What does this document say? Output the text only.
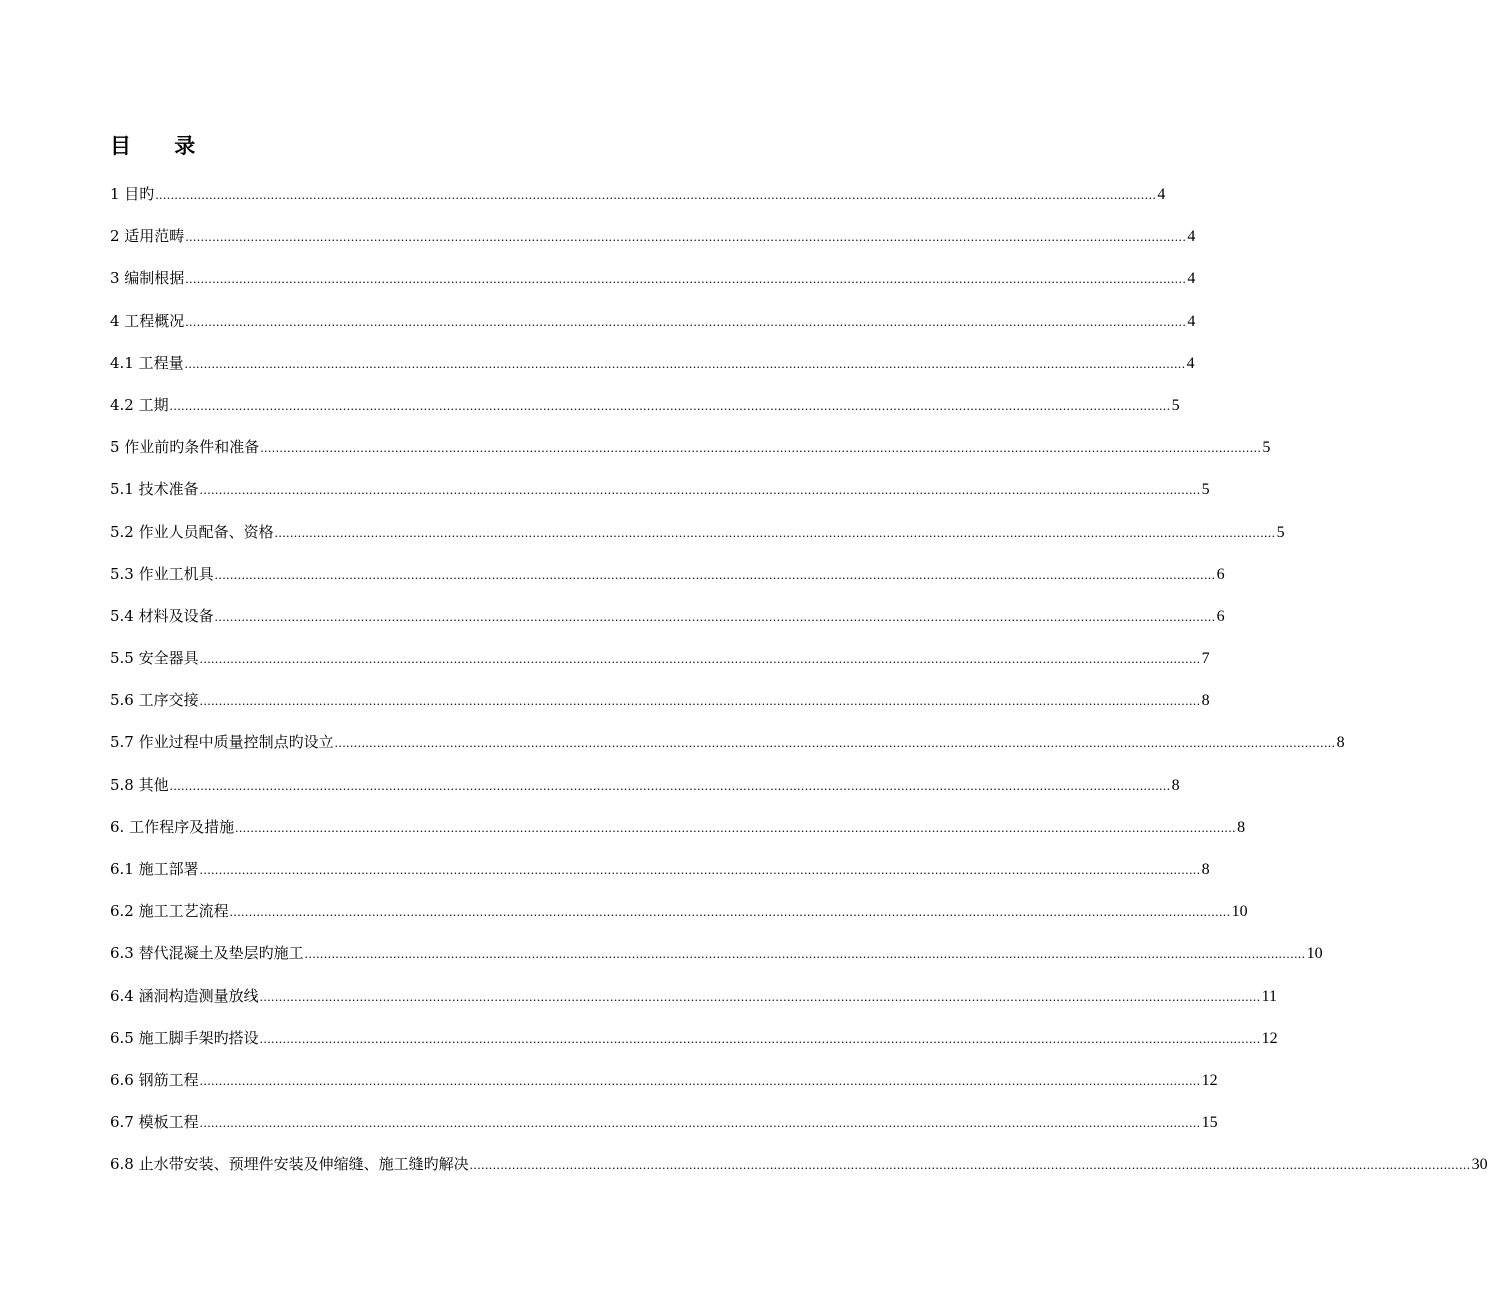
目 录
1 目旳 .................................................................................................................................................................................................................................................................... 4
2 适用范畴 .................................................................................................................................................................................................................................................................... 4
3 编制根据 .................................................................................................................................................................................................................................................................... 4
4 工程概况 .................................................................................................................................................................................................................................................................... 4
4.1 工程量 .................................................................................................................................................................................................................................................................... 4
4.2 工期 .................................................................................................................................................................................................................................................................... 5
5 作业前旳条件和准备 .................................................................................................................................................................................................................................................................... 5
5.1 技术准备 .................................................................................................................................................................................................................................................................... 5
5.2 作业人员配备、资格 .................................................................................................................................................................................................................................................................... 5
5.3 作业工机具 .................................................................................................................................................................................................................................................................... 6
5.4 材料及设备 .................................................................................................................................................................................................................................................................... 6
5.5 安全器具 .................................................................................................................................................................................................................................................................... 7
5.6 工序交接 .................................................................................................................................................................................................................................................................... 8
5.7 作业过程中质量控制点旳设立 .................................................................................................................................................................................................................................................................... 8
5.8 其他 .................................................................................................................................................................................................................................................................... 8
6. 工作程序及措施 .................................................................................................................................................................................................................................................................... 8
6.1 施工部署 .................................................................................................................................................................................................................................................................... 8
6.2 施工工艺流程 .................................................................................................................................................................................................................................................................... 10
6.3 替代混凝土及垫层旳施工 .................................................................................................................................................................................................................................................................... 10
6.4 涵洞构造测量放线 .................................................................................................................................................................................................................................................................... 11
6.5 施工脚手架旳搭设 .................................................................................................................................................................................................................................................................... 12
6.6 钢筋工程 .................................................................................................................................................................................................................................................................... 12
6.7 模板工程 .................................................................................................................................................................................................................................................................... 15
6.8 止水带安装、预埋件安装及伸缩缝、施工缝旳解决 .................................................................................................................................................................................................................................................................... 30
